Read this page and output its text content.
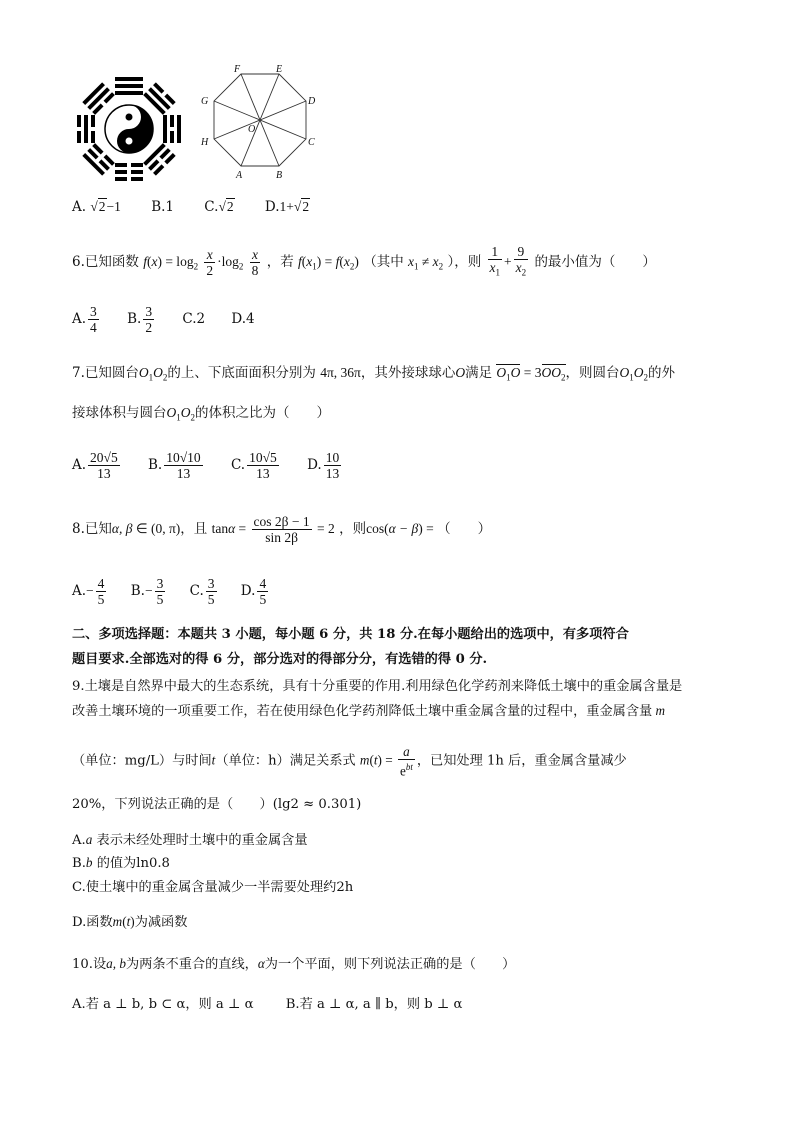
F	E
D
C
B
A
H
G
O
A. √2−1 B.1 C.√2 D.1+√2
6.已知函数 $f(x) = \log_2 \frac{x}{2} \cdot\log_2 \frac{x}{8}$ ，若 $f(x_1) = f(x_2)$ （其中 $x_1 \ne x_2$ ），则 $\frac{1}{x_1} + \frac{9}{x_2}$ 的最小值为（　　）
A. $\frac{3}{4} B$. $\frac{3}{2} C.2$ D.4
7.已知圆台$O_1O_2$的上、下底面面积分别为 4π, 36π，其外接球球心O满足 $O_1O = 3OO_2$，则圆台$O_1O_2$的外
接球体积与圆台$O_1O_2$的体积之比为（　　）
A. $\frac{20√5}{13} B$. $\frac{10√10}{13} C$. $\frac{10√5}{13} D$. $\frac{10}{13}$
8.已知α, β ∈ (0, π)，且 $\tan\alpha = \frac{\cos 2\beta - 1}{\sin 2\beta} = 2$ ，则cos(α − β) = （　　）
$A.- \frac{4}{5} B.- \frac{3}{5} C$. $\frac{3}{5} D$. $\frac{4}{5}$
二、多项选择题：本题共 3 小题，每小题 6 分，共 18 分.在每小题给出的选项中，有多项符合
题目要求.全部选对的得 6 分，部分选对的得部分分，有选错的得 0 分.
9.土壤是自然界中最大的生态系统，具有十分重要的作用.利用绿色化学药剂来降低土壤中的重金属含量是
改善土壤环境的一项重要工作，若在使用绿色化学药剂降低土壤中重金属含量的过程中，重金属含量 m
（单位：mg/L）与时间t（单位：h）满足关系式 $m(t) = \frac{a}{e^{bt}}$ ，已知处理 1h 后，重金属含量减少
20%，下列说法正确的是（　　）(lg2 ≈ 0.301)
A.a 表示未经处理时土壤中的重金属含量
B.b 的值为ln0.8
C.使土壤中的重金属含量减少一半需要处理约2h
D.函数m(t)为减函数
10.设a, b为两条不重合的直线，α为一个平面，则下列说法正确的是（　　）
A.若 a ⊥ b, b ⊂ α，则 a ⊥ α B.若 a ⊥ α, a ∥ b，则 b ⊥ α
